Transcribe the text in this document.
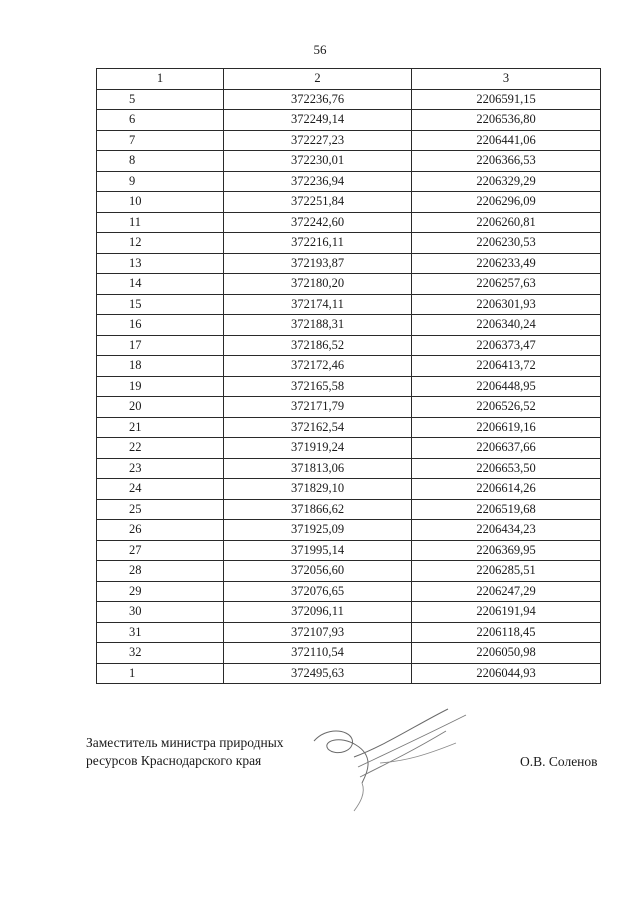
56
1	2	3
5	372236,76	2206591,15
6	372249,14	2206536,80
7	372227,23	2206441,06
8	372230,01	2206366,53
9	372236,94	2206329,29
10	372251,84	2206296,09
11	372242,60	2206260,81
12	372216,11	2206230,53
13	372193,87	2206233,49
14	372180,20	2206257,63
15	372174,11	2206301,93
16	372188,31	2206340,24
17	372186,52	2206373,47
18	372172,46	2206413,72
19	372165,58	2206448,95
20	372171,79	2206526,52
21	372162,54	2206619,16
22	371919,24	2206637,66
23	371813,06	2206653,50
24	371829,10	2206614,26
25	371866,62	2206519,68
26	371925,09	2206434,23
27	371995,14	2206369,95
28	372056,60	2206285,51
29	372076,65	2206247,29
30	372096,11	2206191,94
31	372107,93	2206118,45
32	372110,54	2206050,98
1	372495,63	2206044,93
Заместитель министра природных
ресурсов Краснодарского края	О.В. Соленов
